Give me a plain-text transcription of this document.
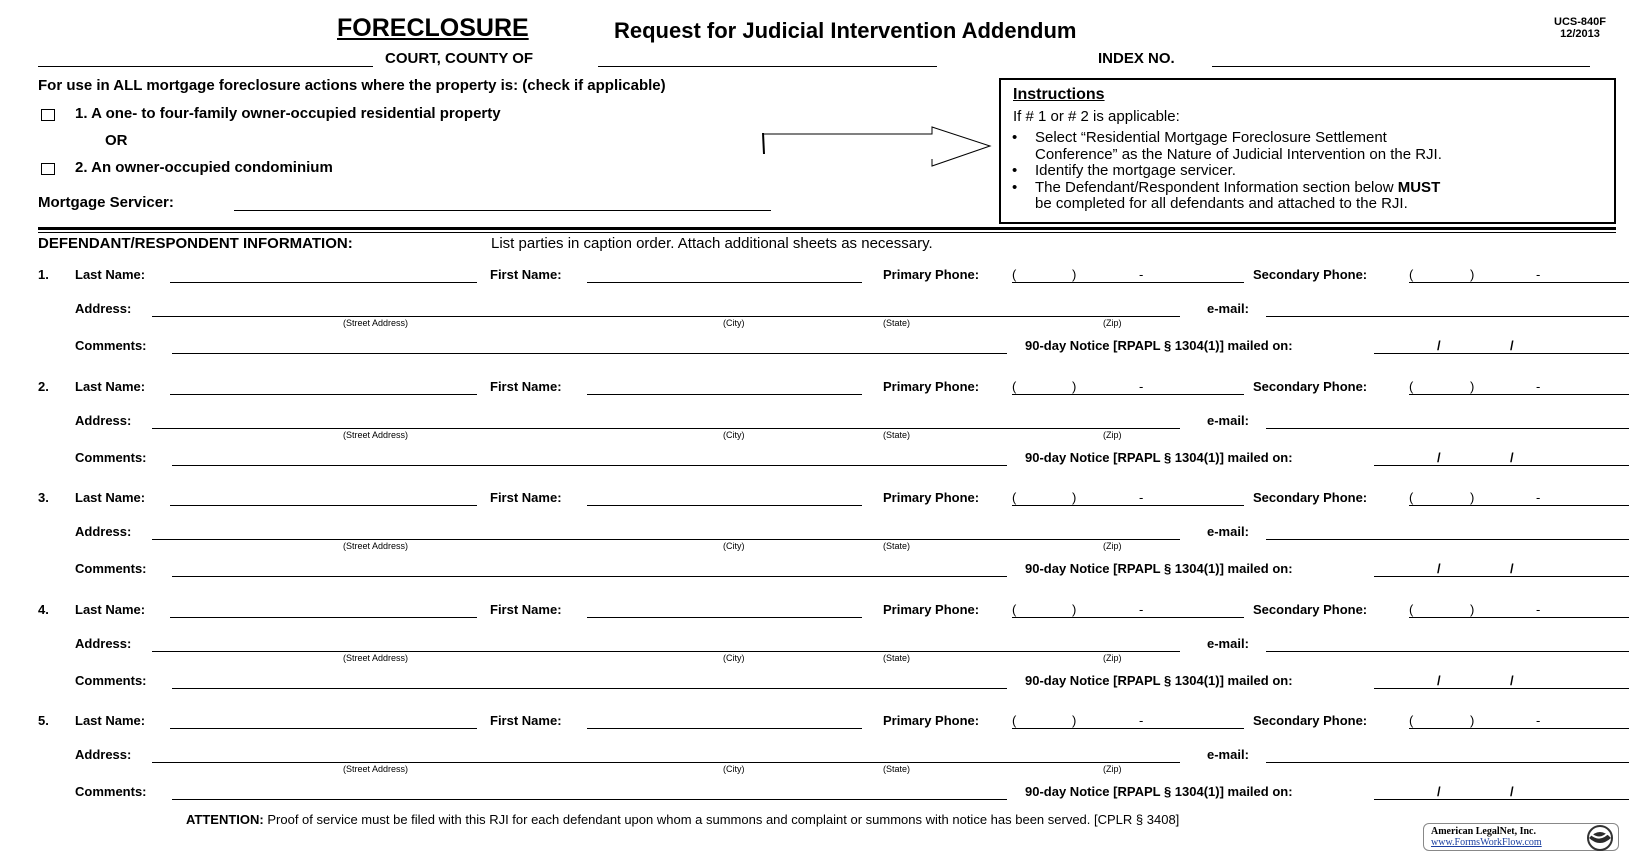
FORECLOSURE	Request for Judicial Intervention Addendum	UCS-840F
12/2013
COURT, COUNTY OF	INDEX NO.
For use in ALL mortgage foreclosure actions where the property is: (check if applicable)
1. A one- to four-family owner-occupied residential property
OR
2. An owner-occupied condominium
Mortgage Servicer:
Instructions
If # 1 or # 2 is applicable:
• Select “Residential Mortgage Foreclosure Settlement
Conference” as the Nature of Judicial Intervention on the RJI.
• Identify the mortgage servicer.
• The Defendant/Respondent Information section below MUST
be completed for all defendants and attached to the RJI.
DEFENDANT/RESPONDENT INFORMATION:	List parties in caption order. Attach additional sheets as necessary.
1. Last Name:	First Name:	Primary Phone:	(	)	-	Secondary Phone:	(	)	-
Address:
(Street Address)	(City)	(State)	(Zip)
e-mail:
Comments:	90-day Notice [RPAPL § 1304(1)] mailed on:	/	/
2. Last Name:	First Name:	Primary Phone:	(	)	-	Secondary Phone:	(	)	-
Address:
(Street Address)	(City)	(State)	(Zip)
e-mail:
Comments:	90-day Notice [RPAPL § 1304(1)] mailed on:	/	/
3. Last Name:	First Name:	Primary Phone:	(	)	-	Secondary Phone:	(	)	-
Address:
(Street Address)	(City)	(State)	(Zip)
e-mail:
Comments:	90-day Notice [RPAPL § 1304(1)] mailed on:	/	/
4. Last Name:	First Name:	Primary Phone:	(	)	-	Secondary Phone:	(	)	-
Address:
(Street Address)	(City)	(State)	(Zip)
e-mail:
Comments:	90-day Notice [RPAPL § 1304(1)] mailed on:	/	/
5. Last Name:	First Name:	Primary Phone:	(	)	-	Secondary Phone:	(	)	-
Address:
(Street Address)	(City)	(State)	(Zip)
e-mail:
Comments:	90-day Notice [RPAPL § 1304(1)] mailed on:	/	/
ATTENTION: Proof of service must be filed with this RJI for each defendant upon whom a summons and complaint or summons with notice has been served. [CPLR § 3408]
American LegalNet, Inc.
www.FormsWorkFlow.com
